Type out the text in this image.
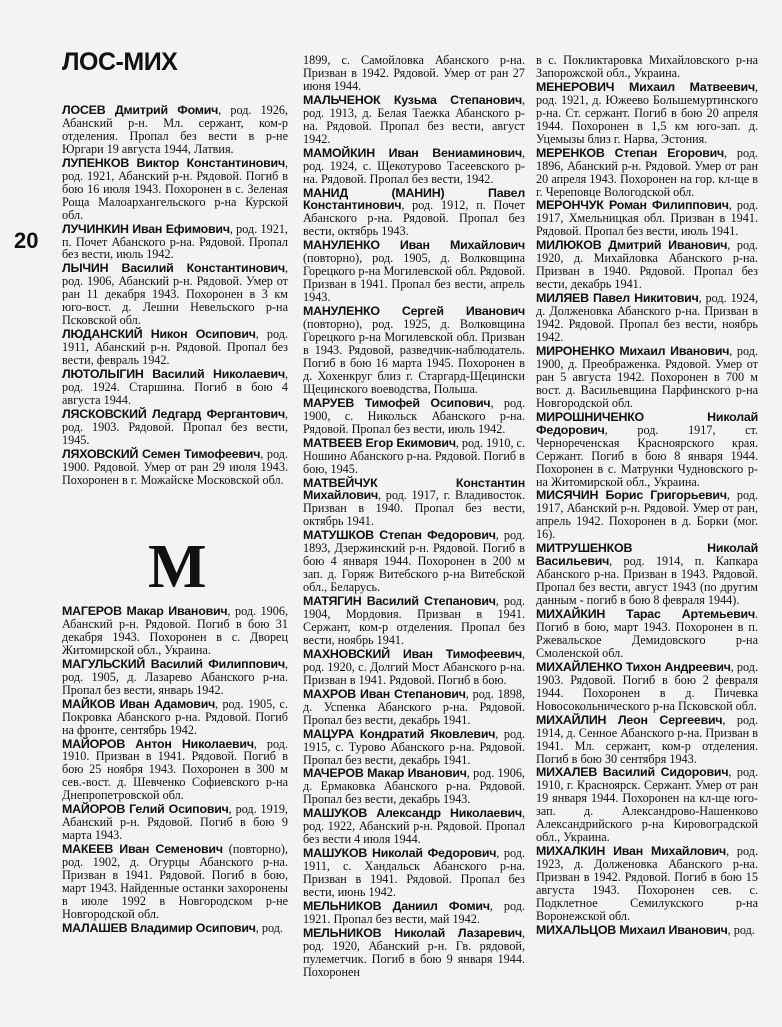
ЛОС-МИХ
20
М
ЛОСЕВ Дмитрий Фомич, род. 1926, Абанский р-н. Мл. сержант, ком-р отделения. Пропал без вести в р-не Юргари 19 августа 1944, Латвия.
ЛУПЕНКОВ Виктор Константинович, род. 1921, Абанский р-н. Рядовой. Погиб в бою 16 июля 1943. Похоронен в с. Зеленая Роща Малоархангельского р-на Курской обл.
ЛУЧИНКИН Иван Ефимович, род. 1921, п. Почет Абанского р-на. Рядовой. Пропал без вести, июль 1942.
ЛЫЧИН Василий Константинович, род. 1906, Абанский р-н. Рядовой. Умер от ран 11 декабря 1943. Похоронен в 3 км юго-вост. д. Лешни Невельского р-на Псковской обл.
ЛЮДАНСКИЙ Никон Осипович, род. 1911, Абанский р-н. Рядовой. Пропал без вести, февраль 1942.
ЛЮТОЛЫГИН Василий Николаевич, род. 1924. Старшина. Погиб в бою 4 августа 1944.
ЛЯСКОВСКИЙ Ледгард Фергантович, род. 1903. Рядовой. Пропал без вести, 1945.
ЛЯХОВСКИЙ Семен Тимофеевич, род. 1900. Рядовой. Умер от ран 29 июля 1943. Похоронен в г. Можайске Московской обл.
МАГЕРОВ Макар Иванович, род. 1906, Абанский р-н. Рядовой. Погиб в бою 31 декабря 1943. Похоронен в с. Дворец Житомирской обл., Украина.
МАГУЛЬСКИЙ Василий Филиппович, род. 1905, д. Лазарево Абанского р-на. Пропал без вести, январь 1942.
МАЙКОВ Иван Адамович, род. 1905, с. Покровка Абанского р-на. Рядовой. Погиб на фронте, сентябрь 1942.
МАЙОРОВ Антон Николаевич, род. 1910. Призван в 1941. Рядовой. Погиб в бою 25 ноября 1943. Похоронен в 300 м сев.-вост. д. Шевченко Софиевского р-на Днепропетровской обл.
МАЙОРОВ Гелий Осипович, род. 1919, Абанский р-н. Рядовой. Погиб в бою 9 марта 1943.
МАКЕЕВ Иван Семенович (повторно), род. 1902, д. Огурцы Абанского р-на. Призван в 1941. Рядовой. Погиб в бою, март 1943. Найденные останки захоронены в июле 1992 в Новгородском р-не Новгородской обл.
МАЛАШЕВ Владимир Осипович, род.
1899, с. Самойловка Абанского р-на. Призван в 1942. Рядовой. Умер от ран 27 июня 1944.
МАЛЬЧЕНОК Кузьма Степанович, род. 1913, д. Белая Таежка Абанского р-на. Рядовой. Пропал без вести, август 1942.
МАМОЙКИН Иван Вениаминович, род. 1924, с. Щекотурово Тасеевского р-на. Рядовой. Пропал без вести, 1942.
МАНИД (МАНИН) Павел Константинович, род. 1912, п. Почет Абанского р-на. Рядовой. Пропал без вести, октябрь 1943.
МАНУЛЕНКО Иван Михайлович (повторно), род. 1905, д. Волковщина Горецкого р-на Могилевской обл. Рядовой. Призван в 1941. Пропал без вести, апрель 1943.
МАНУЛЕНКО Сергей Иванович (повторно), род. 1925, д. Волковщина Горецкого р-на Могилевской обл. Призван в 1943. Рядовой, разведчик-наблюдатель. Погиб в бою 16 марта 1945. Похоронен в д. Хохенкруг близ г. Старгард-Щецински Щецинского воеводства, Польша.
МАРУЕВ Тимофей Осипович, род. 1900, с. Никольск Абанского р-на. Рядовой. Пропал без вести, июль 1942.
МАТВЕЕВ Егор Екимович, род. 1910, с. Ношино Абанского р-на. Рядовой. Погиб в бою, 1945.
МАТВЕЙЧУК Константин Михайлович, род. 1917, г. Владивосток. Призван в 1940. Пропал без вести, октябрь 1941.
МАТУШКОВ Степан Федорович, род. 1893, Дзержинский р-н. Рядовой. Погиб в бою 4 января 1944. Похоронен в 200 м зап. д. Горяж Витебского р-на Витебской обл., Беларусь.
МАТЯГИН Василий Степанович, род. 1904, Мордовия. Призван в 1941. Сержант, ком-р отделения. Пропал без вести, ноябрь 1941.
МАХНОВСКИЙ Иван Тимофеевич, род. 1920, с. Долгий Мост Абанского р-на. Призван в 1941. Рядовой. Погиб в бою.
МАХРОВ Иван Степанович, род. 1898, д. Успенка Абанского р-на. Рядовой. Пропал без вести, декабрь 1941.
МАЦУРА Кондратий Яковлевич, род. 1915, с. Турово Абанского р-на. Рядовой. Пропал без вести, декабрь 1941.
МАЧЕРОВ Макар Иванович, род. 1906, д. Ермаковка Абанского р-на. Рядовой. Пропал без вести, декабрь 1943.
МАШУКОВ Александр Николаевич, род. 1922, Абанский р-н. Рядовой. Пропал без вести 4 июля 1944.
МАШУКОВ Николай Федорович, род. 1911, с. Хандальск Абанского р-на. Призван в 1941. Рядовой. Пропал без вести, июнь 1942.
МЕЛЬНИКОВ Даниил Фомич, род. 1921. Пропал без вести, май 1942.
МЕЛЬНИКОВ Николай Лазаревич, род. 1920, Абанский р-н. Гв. рядовой, пулеметчик. Погиб в бою 9 января 1944. Похоронен
в с. Покликтаровка Михайловского р-на Запорожской обл., Украина.
МЕНЕРОВИЧ Михаил Матвеевич, род. 1921, д. Южеево Большемуртинского р-на. Ст. сержант. Погиб в бою 20 апреля 1944. Похоронен в 1,5 км юго-зап. д. Уцемызы близ г. Нарва, Эстония.
МЕРЕНКОВ Степан Егорович, род. 1896, Абанский р-н. Рядовой. Умер от ран 20 апреля 1943. Похоронен на гор. кл-ще в г. Череповце Вологодской обл.
МЕРОНЧУК Роман Филиппович, род. 1917, Хмельницкая обл. Призван в 1941. Рядовой. Пропал без вести, июль 1941.
МИЛЮКОВ Дмитрий Иванович, род. 1920, д. Михайловка Абанского р-на. Призван в 1940. Рядовой. Пропал без вести, декабрь 1941.
МИЛЯЕВ Павел Никитович, род. 1924, д. Долженовка Абанского р-на. Призван в 1942. Рядовой. Пропал без вести, ноябрь 1942.
МИРОНЕНКО Михаил Иванович, род. 1900, д. Преображенка. Рядовой. Умер от ран 5 августа 1942. Похоронен в 700 м вост. д. Васильевщина Парфинского р-на Новгородской обл.
МИРОШНИЧЕНКО Николай Федорович, род. 1917, ст. Чернореченская Красноярского края. Сержант. Погиб в бою 8 января 1944. Похоронен в с. Матрунки Чудновского р-на Житомирской обл., Украина.
МИСЯЧИН Борис Григорьевич, род. 1917, Абанский р-н. Рядовой. Умер от ран, апрель 1942. Похоронен в д. Борки (мог. 16).
МИТРУШЕНКОВ Николай Васильевич, род. 1914, п. Капкара Абанского р-на. Призван в 1943. Рядовой. Пропал без вести, август 1943 (по другим данным - погиб в бою 8 февраля 1944).
МИХАЙКИН Тарас Артемьевич. Погиб в бою, март 1943. Похоронен в п. Ржевальское Демидовского р-на Смоленской обл.
МИХАЙЛЕНКО Тихон Андреевич, род. 1903. Рядовой. Погиб в бою 2 февраля 1944. Похоронен в д. Пичевка Новосокольнического р-на Псковской обл.
МИХАЙЛИН Леон Сергеевич, род. 1914, д. Сенное Абанского р-на. Призван в 1941. Мл. сержант, ком-р отделения. Погиб в бою 30 сентября 1943.
МИХАЛЕВ Василий Сидорович, род. 1910, г. Красноярск. Сержант. Умер от ран 19 января 1944. Похоронен на кл-ще юго-зап. д. Александрово-Нашенково Александрийского р-на Кировоградской обл., Украина.
МИХАЛКИН Иван Михайлович, род. 1923, д. Долженовка Абанского р-на. Призван в 1942. Рядовой. Погиб в бою 15 августа 1943. Похоронен сев. с. Подклетное Семилукского р-на Воронежской обл.
МИХАЛЬЦОВ Михаил Иванович, род.
